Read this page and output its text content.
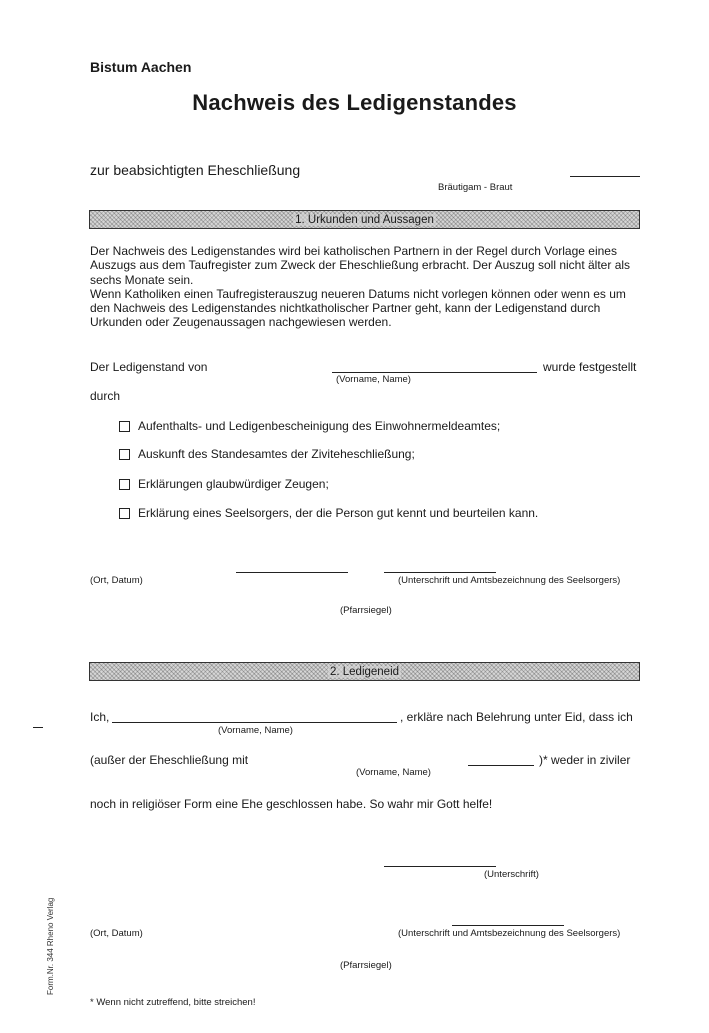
Bistum Aachen
Nachweis des Ledigenstandes
zur beabsichtigten Eheschließung
Bräutigam - Braut
1. Urkunden und Aussagen

Der Nachweis des Ledigenstandes wird bei katholischen Partnern in der Regel durch Vorlage eines Auszugs aus dem Taufregister zum Zweck der Eheschließung erbracht. Der Auszug soll nicht älter als sechs Monate sein.

Wenn Katholiken einen Taufregisterauszug neueren Datums nicht vorlegen können oder wenn es um den Nachweis des Ledigenstandes nichtkatholischer Partner geht, kann der Ledigenstand durch Urkunden oder Zeugenaussagen nachgewiesen werden.

Der Ledigenstand von	wurde festgestellt
(Vorname, Name)
durch
Aufenthalts- und Ledigenbescheinigung des Einwohnermeldeamtes;
Auskunft des Standesamtes der Ziviteheschließung;
Erklärungen glaubwürdiger Zeugen;
Erklärung eines Seelsorgers, der die Person gut kennt und beurteilen kann.
(Ort, Datum)	(Unterschrift und Amtsbezeichnung des Seelsorgers)
(Pfarrsiegel)
2. Ledigeneid
Ich,	, erkläre nach Belehrung unter Eid, dass ich
(Vorname, Name)
(außer der Eheschließung mit	)* weder in ziviler
(Vorname, Name)
noch in religiöser Form eine Ehe geschlossen habe. So wahr mir Gott helfe!
(Unterschrift)
(Ort, Datum)	(Unterschrift und Amtsbezeichnung des Seelsorgers)
(Pfarrsiegel)
* Wenn nicht zutreffend, bitte streichen!
Form.Nr. 344 Rheno Verlag
